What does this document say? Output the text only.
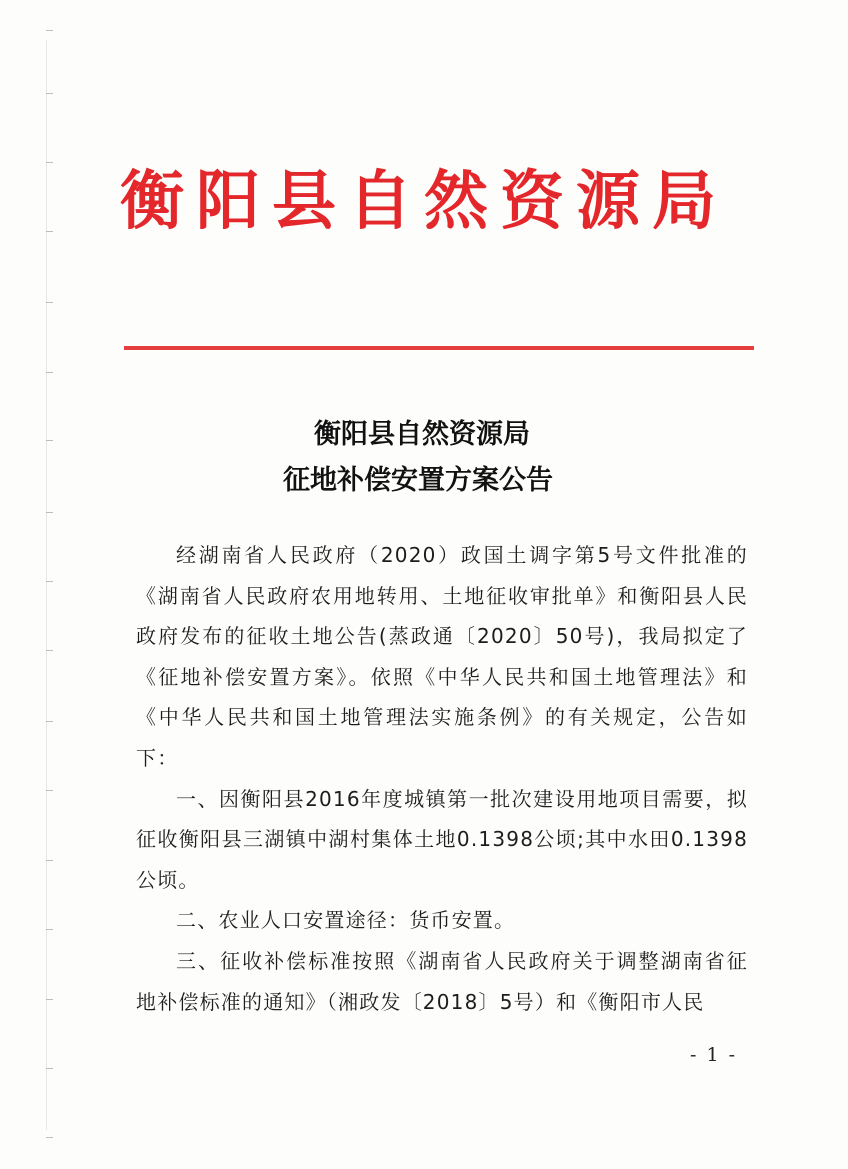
衡阳县自然资源局
衡阳县自然资源局
征地补偿安置方案公告

经湖南省人民政府（2020）政国土调字第5号文件批准的《湖南省人民政府农用地转用、土地征收审批单》和衡阳县人民政府发布的征收土地公告(蒸政通〔2020〕50号)，我局拟定了《征地补偿安置方案》。依照《中华人民共和国土地管理法》和《中华人民共和国土地管理法实施条例》的有关规定，公告如下：

一、因衡阳县2016年度城镇第一批次建设用地项目需要，拟征收衡阳县三湖镇中湖村集体土地0.1398公顷;其中水田0.1398公顷。

二、农业人口安置途径：货币安置。

三、征收补偿标准按照《湖南省人民政府关于调整湖南省征地补偿标准的通知》（湘政发〔2018〕5号）和《衡阳市人民

- 1 -
